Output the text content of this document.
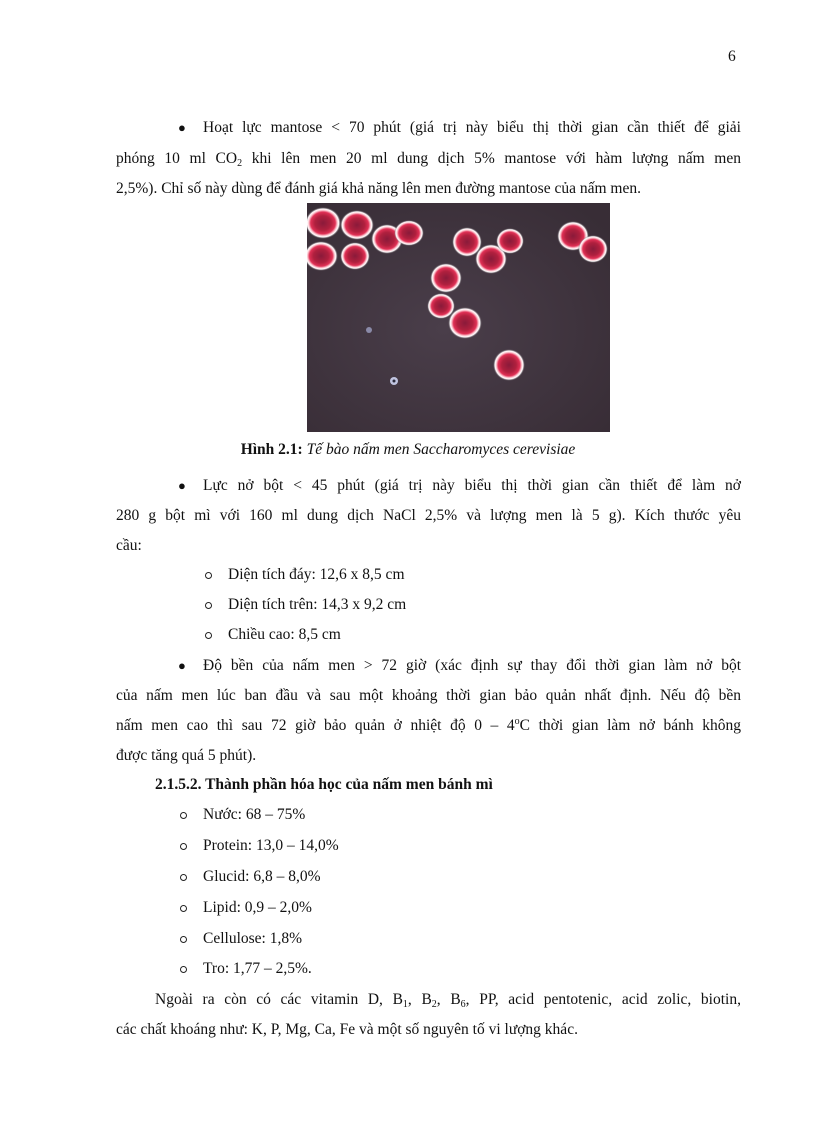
6
● Hoạt lực mantose < 70 phút (giá trị này biểu thị thời gian cần thiết để giải
phóng 10 ml $CO_2$ khi lên men 20 ml dung dịch 5% mantose với hàm lượng nấm men
2,5%). Chỉ số này dùng để đánh giá khả năng lên men đường mantose của nấm men.
Hình 2.1: Tế bào nấm men Saccharomyces cerevisiae
● Lực nở bột < 45 phút (giá trị này biểu thị thời gian cần thiết để làm nở
280 g bột mì với 160 ml dung dịch NaCl 2,5% và lượng men là 5 g). Kích thước yêu
cầu:
Diện tích đáy: 12,6 x 8,5 cm
Diện tích trên: 14,3 x 9,2 cm
Chiều cao: 8,5 cm
● Độ bền của nấm men > 72 giờ (xác định sự thay đổi thời gian làm nở bột
của nấm men lúc ban đầu và sau một khoảng thời gian bảo quản nhất định. Nếu độ bền
nấm men cao thì sau 72 giờ bảo quản ở nhiệt độ 0 – 4$^o$C thời gian làm nở bánh không
được tăng quá 5 phút).
2.1.5.2. Thành phần hóa học của nấm men bánh mì
Nước: 68 – 75%
Protein: 13,0 – 14,0%
Glucid: 6,8 – 8,0%
Lipid: 0,9 – 2,0%
Cellulose: 1,8%
Tro: 1,77 – 2,5%.
Ngoài ra còn có các vitamin D, $B_1$, $B_2$, $B_6$, PP, acid pentotenic, acid zolic, biotin,
các chất khoáng như: K, P, Mg, Ca, Fe và một số nguyên tố vi lượng khác.
